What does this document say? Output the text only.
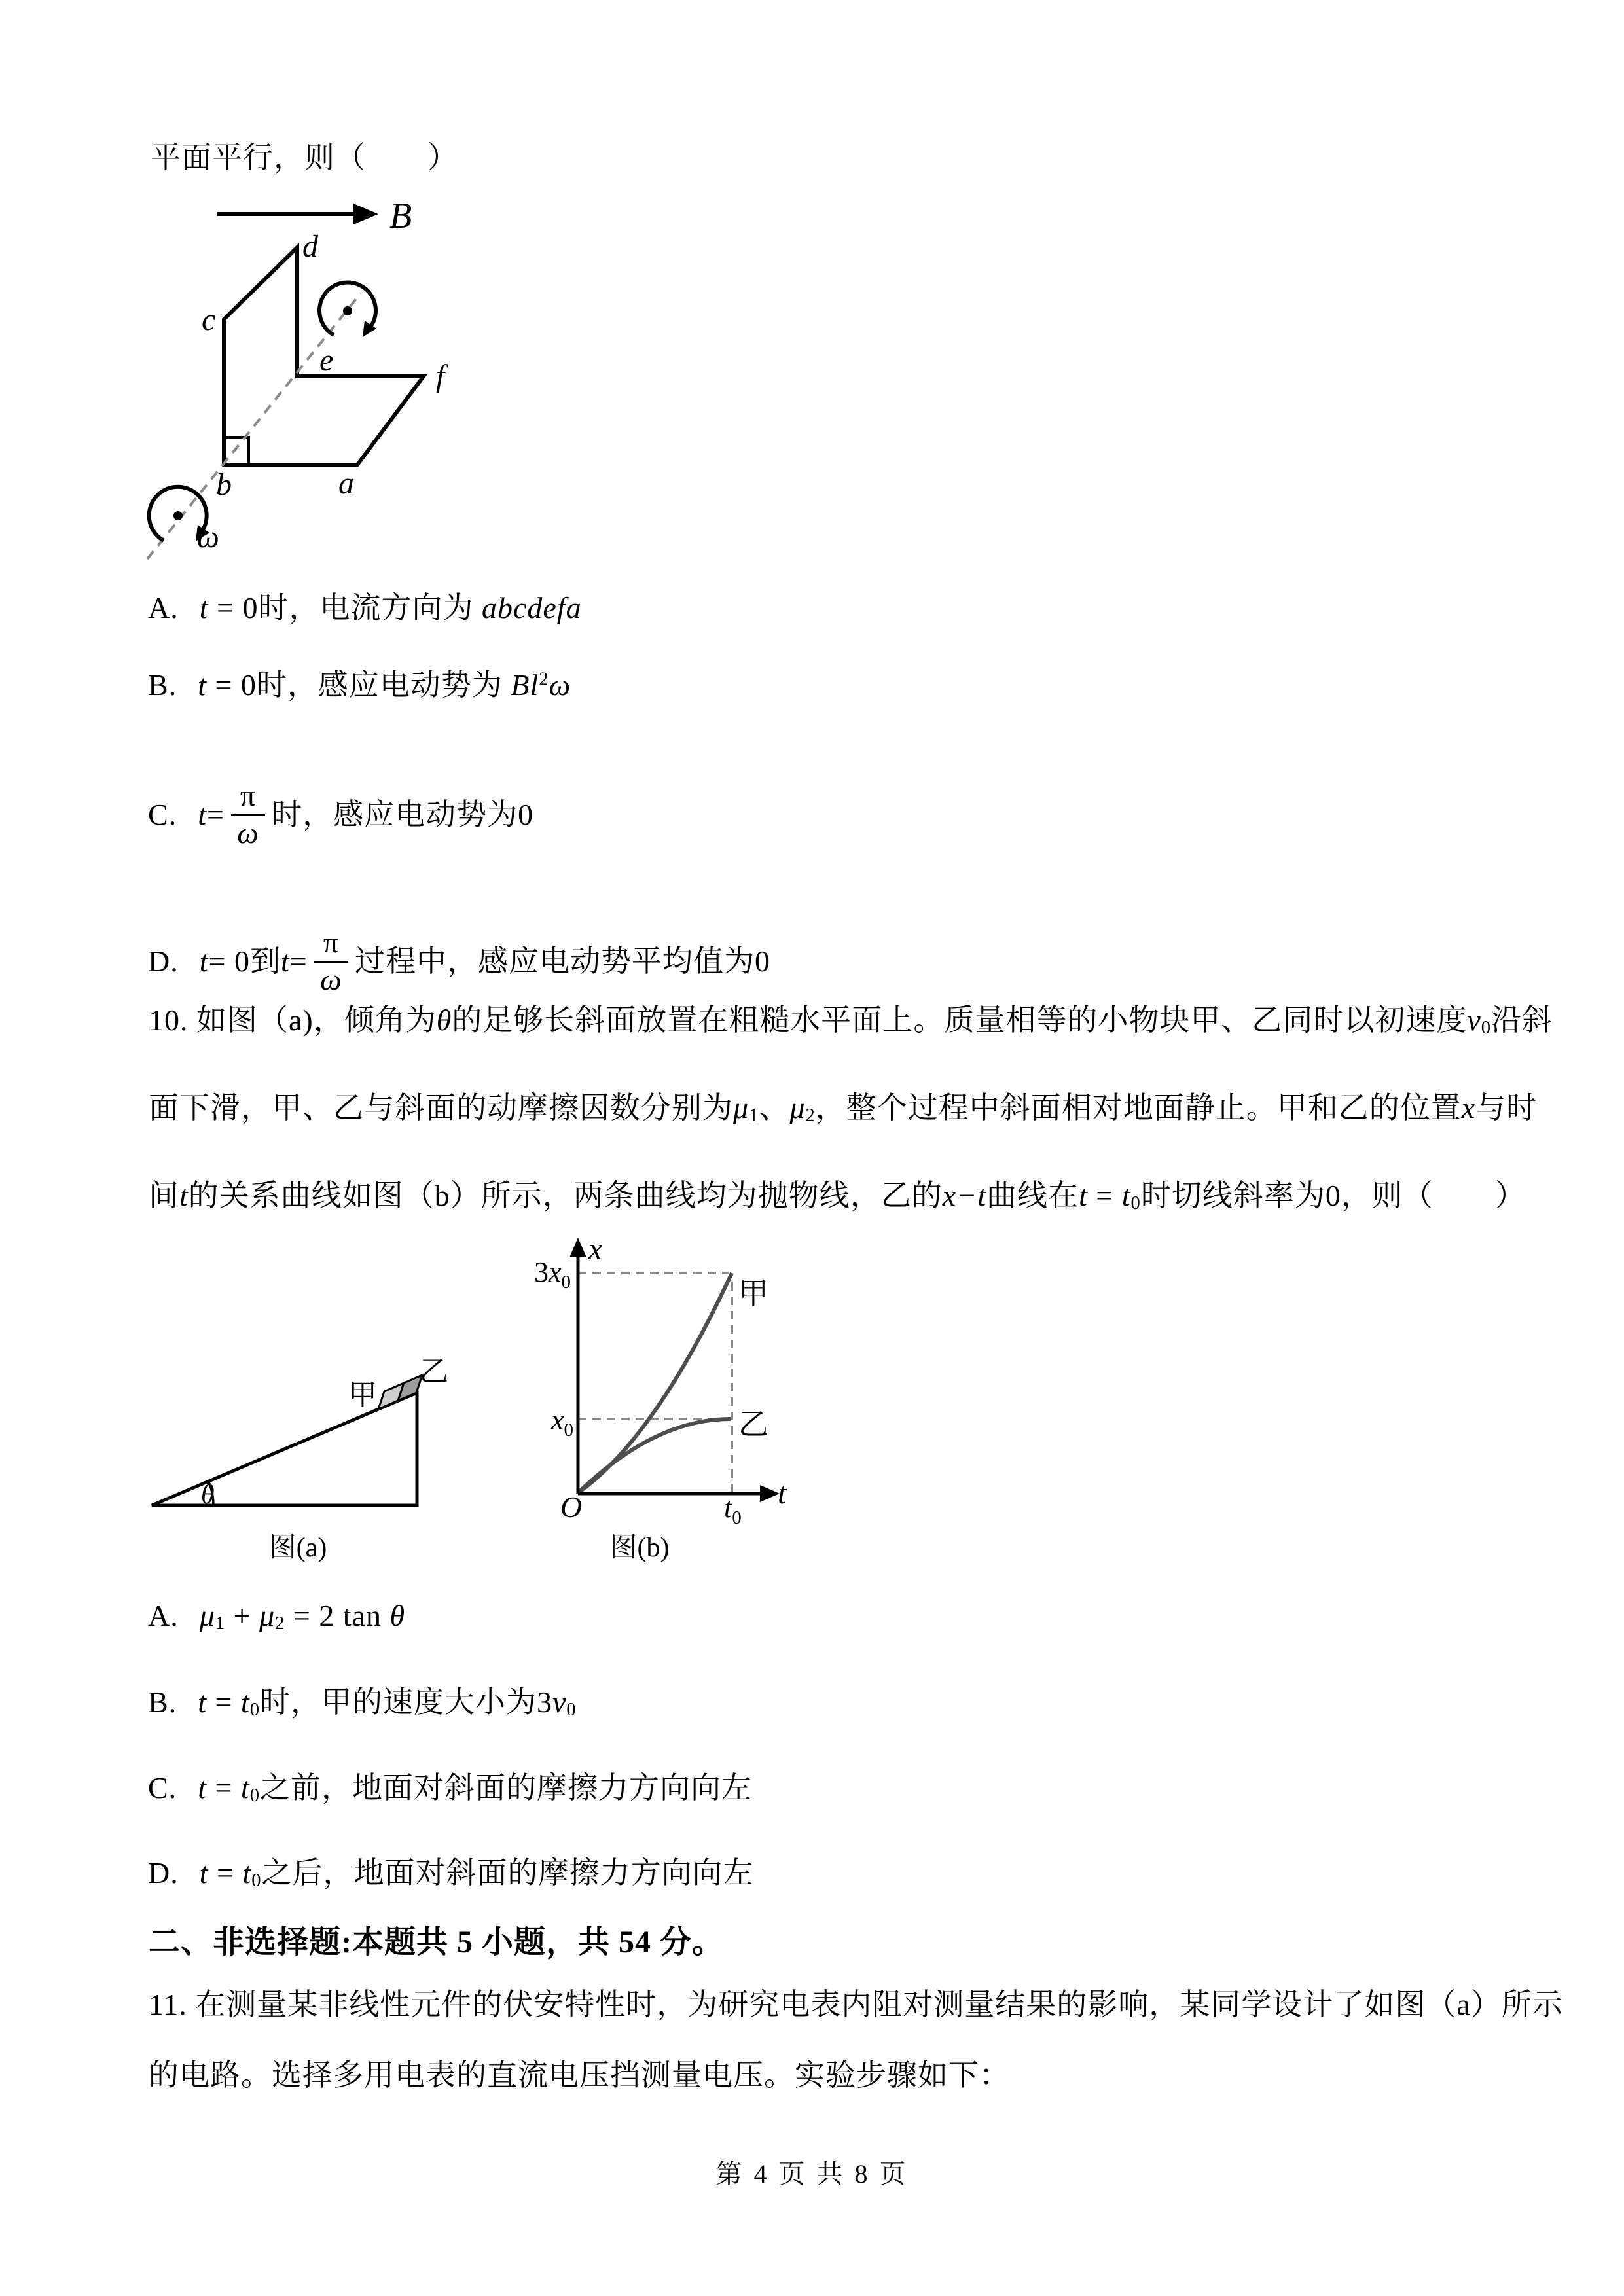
平面平行，则（　　）
B
d
c
e	f
b	a
ω
A. t = 0时，电流方向为 abcdefa
B. t = 0时，感应电动势为 Bl$^2$ω
C. $t = \frac{\pi}{\omega}$ 时，感应电动势为 0
D. t = 0 到 $t = \frac{\pi}{\omega}$ 过程中，感应电动势平均值为 0
10. 如图（a)，倾角为θ的足够长斜面放置在粗糙水平面上。质量相等的小物块甲、乙同时以初速度v0沿斜
面下滑，甲、乙与斜面的动摩擦因数分别为μ1、μ2，整个过程中斜面相对地面静止。甲和乙的位置x与时
间t的关系曲线如图（b）所示，两条曲线均为抛物线，乙的x−t曲线在t = t0时切线斜率为0，则（　　）
θ
甲
乙
图(a)
x
t
O
$3x_0$
$x_0$
$t_0$
甲
乙
图(b)
A. μ1 + μ2 = 2 tan θ
B. t = t0时，甲的速度大小为3v0
C. t = t0之前，地面对斜面的摩擦力方向向左
D. t = t0之后，地面对斜面的摩擦力方向向左
二、非选择题:本题共 5 小题，共 54 分。
11. 在测量某非线性元件的伏安特性时，为研究电表内阻对测量结果的影响，某同学设计了如图（a）所示
的电路。选择多用电表的直流电压挡测量电压。实验步骤如下：
第 4 页 共 8 页
